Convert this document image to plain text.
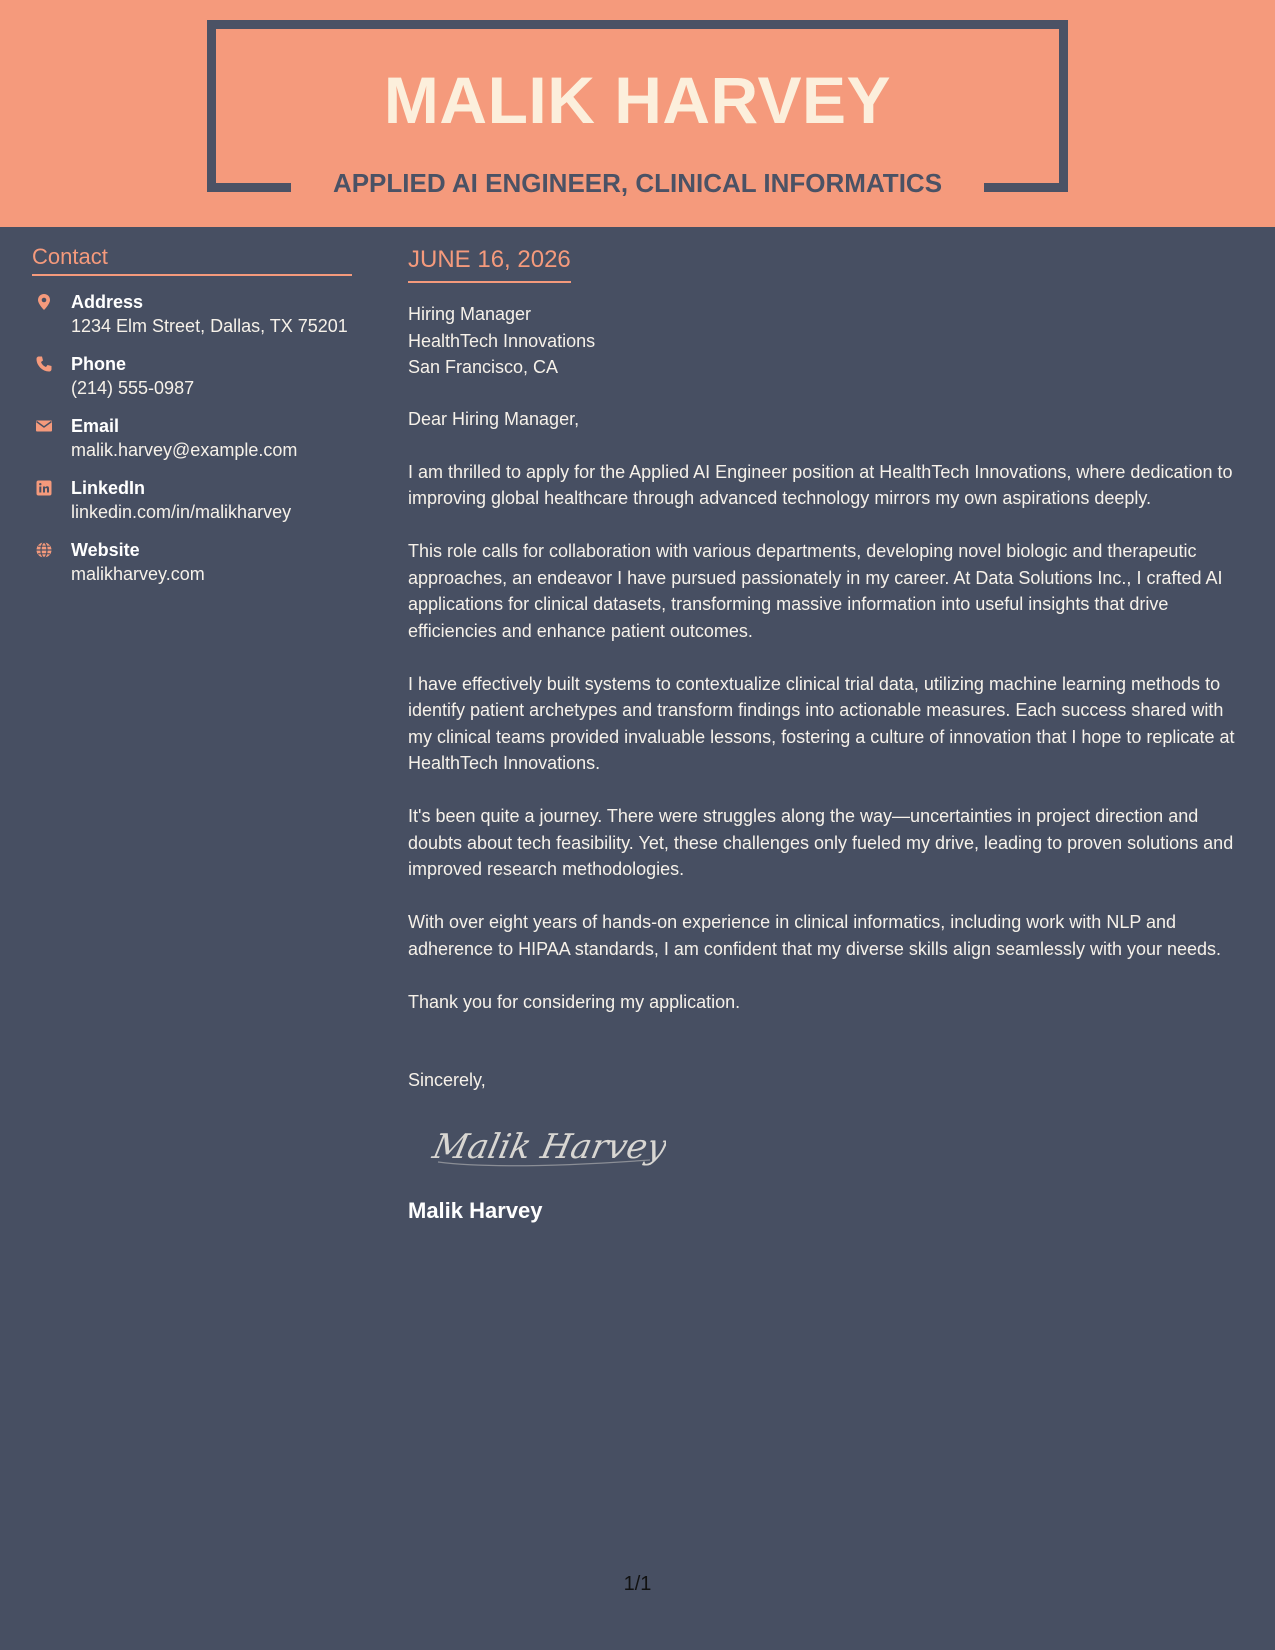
MALIK HARVEY
APPLIED AI ENGINEER, CLINICAL INFORMATICS
Contact
Address
1234 Elm Street, Dallas, TX 75201
Phone
(214) 555-0987
Email
malik.harvey@example.com
LinkedIn
linkedin.com/in/malikharvey
Website
malikharvey.com
JUNE 16, 2026
Hiring Manager
HealthTech Innovations
San Francisco, CA

Dear Hiring Manager,

I am thrilled to apply for the Applied AI Engineer position at HealthTech Innovations, where dedication to improving global healthcare through advanced technology mirrors my own aspirations deeply.

This role calls for collaboration with various departments, developing novel biologic and therapeutic approaches, an endeavor I have pursued passionately in my career. At Data Solutions Inc., I crafted AI applications for clinical datasets, transforming massive information into useful insights that drive efficiencies and enhance patient outcomes.

I have effectively built systems to contextualize clinical trial data, utilizing machine learning methods to identify patient archetypes and transform findings into actionable measures. Each success shared with my clinical teams provided invaluable lessons, fostering a culture of innovation that I hope to replicate at HealthTech Innovations.

It's been quite a journey. There were struggles along the way—uncertainties in project direction and doubts about tech feasibility. Yet, these challenges only fueled my drive, leading to proven solutions and improved research methodologies.

With over eight years of hands-on experience in clinical informatics, including work with NLP and adherence to HIPAA standards, I am confident that my diverse skills align seamlessly with your needs.

Thank you for considering my application.

Sincerely,

Malik Harvey
Malik Harvey
1/1
